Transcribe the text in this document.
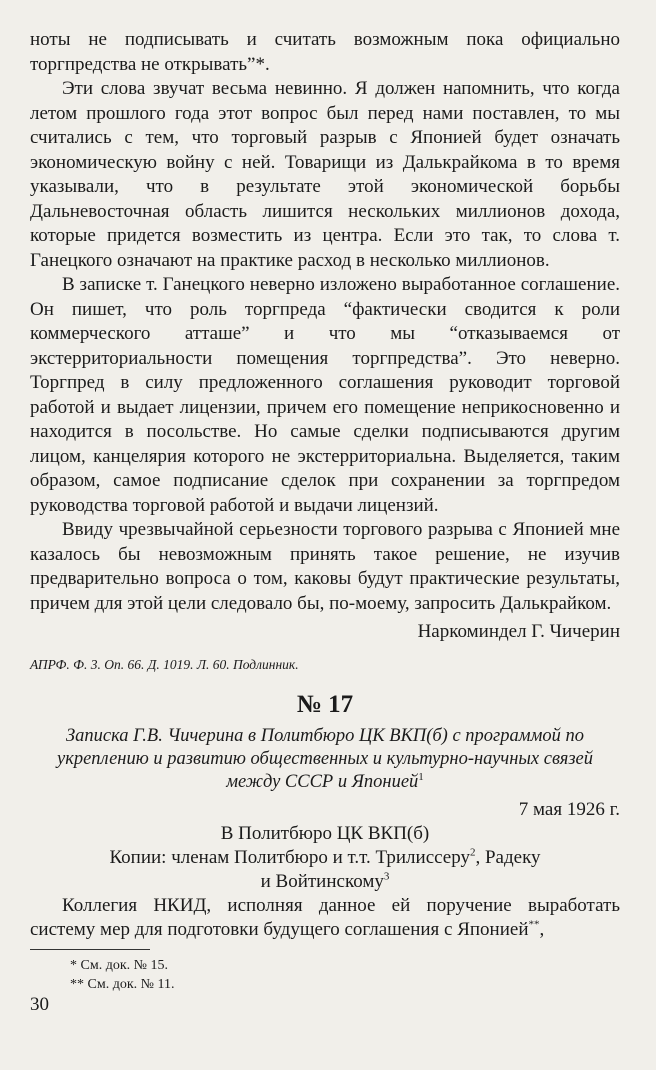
ноты не подписывать и считать возможным пока официально торгпредства не открывать”*.

Эти слова звучат весьма невинно. Я должен напомнить, что когда летом прошлого года этот вопрос был перед нами поставлен, то мы считались с тем, что торговый разрыв с Японией будет означать экономическую войну с ней. Товарищи из Далькрайкома в то время указывали, что в результате этой экономической борьбы Дальневосточная область лишится нескольких миллионов дохода, которые придется возместить из центра. Если это так, то слова т. Ганецкого означают на практике расход в несколько миллионов.

В записке т. Ганецкого неверно изложено выработанное соглашение. Он пишет, что роль торгпреда “фактически сводится к роли коммерческого атташе” и что мы “отказываемся от экстерриториальности помещения торгпредства”. Это неверно. Торгпред в силу предложенного соглашения руководит торговой работой и выдает лицензии, причем его помещение неприкосновенно и находится в посольстве. Но самые сделки подписываются другим лицом, канцелярия которого не экстерриториальна. Выделяется, таким образом, самое подписание сделок при сохранении за торгпредом руководства торговой работой и выдачи лицензий.

Ввиду чрезвычайной серьезности торгового разрыва с Японией мне казалось бы невозможным принять такое решение, не изучив предварительно вопроса о том, каковы будут практические результаты, причем для этой цели следовало бы, по-моему, запросить Далькрайком.

Наркоминдел Г. Чичерин
АПРФ. Ф. 3. Оп. 66. Д. 1019. Л. 60. Подлинник.
№ 17
Записка Г.В. Чичерина в Политбюро ЦК ВКП(б) с программой по укреплению и развитию общественных и культурно-научных связей между СССР и Японией$^1$
7 мая 1926 г.
В Политбюро ЦК ВКП(б)
Копии: членам Политбюро и т.т. Трилиссеру$^2$, Радеку
и Войтинскому$^3$

Коллегия НКИД, исполняя данное ей поручение выработать систему мер для подготовки будущего соглашения с Японией**,

* См. док. № 15.
** См. док. № 11.
30
